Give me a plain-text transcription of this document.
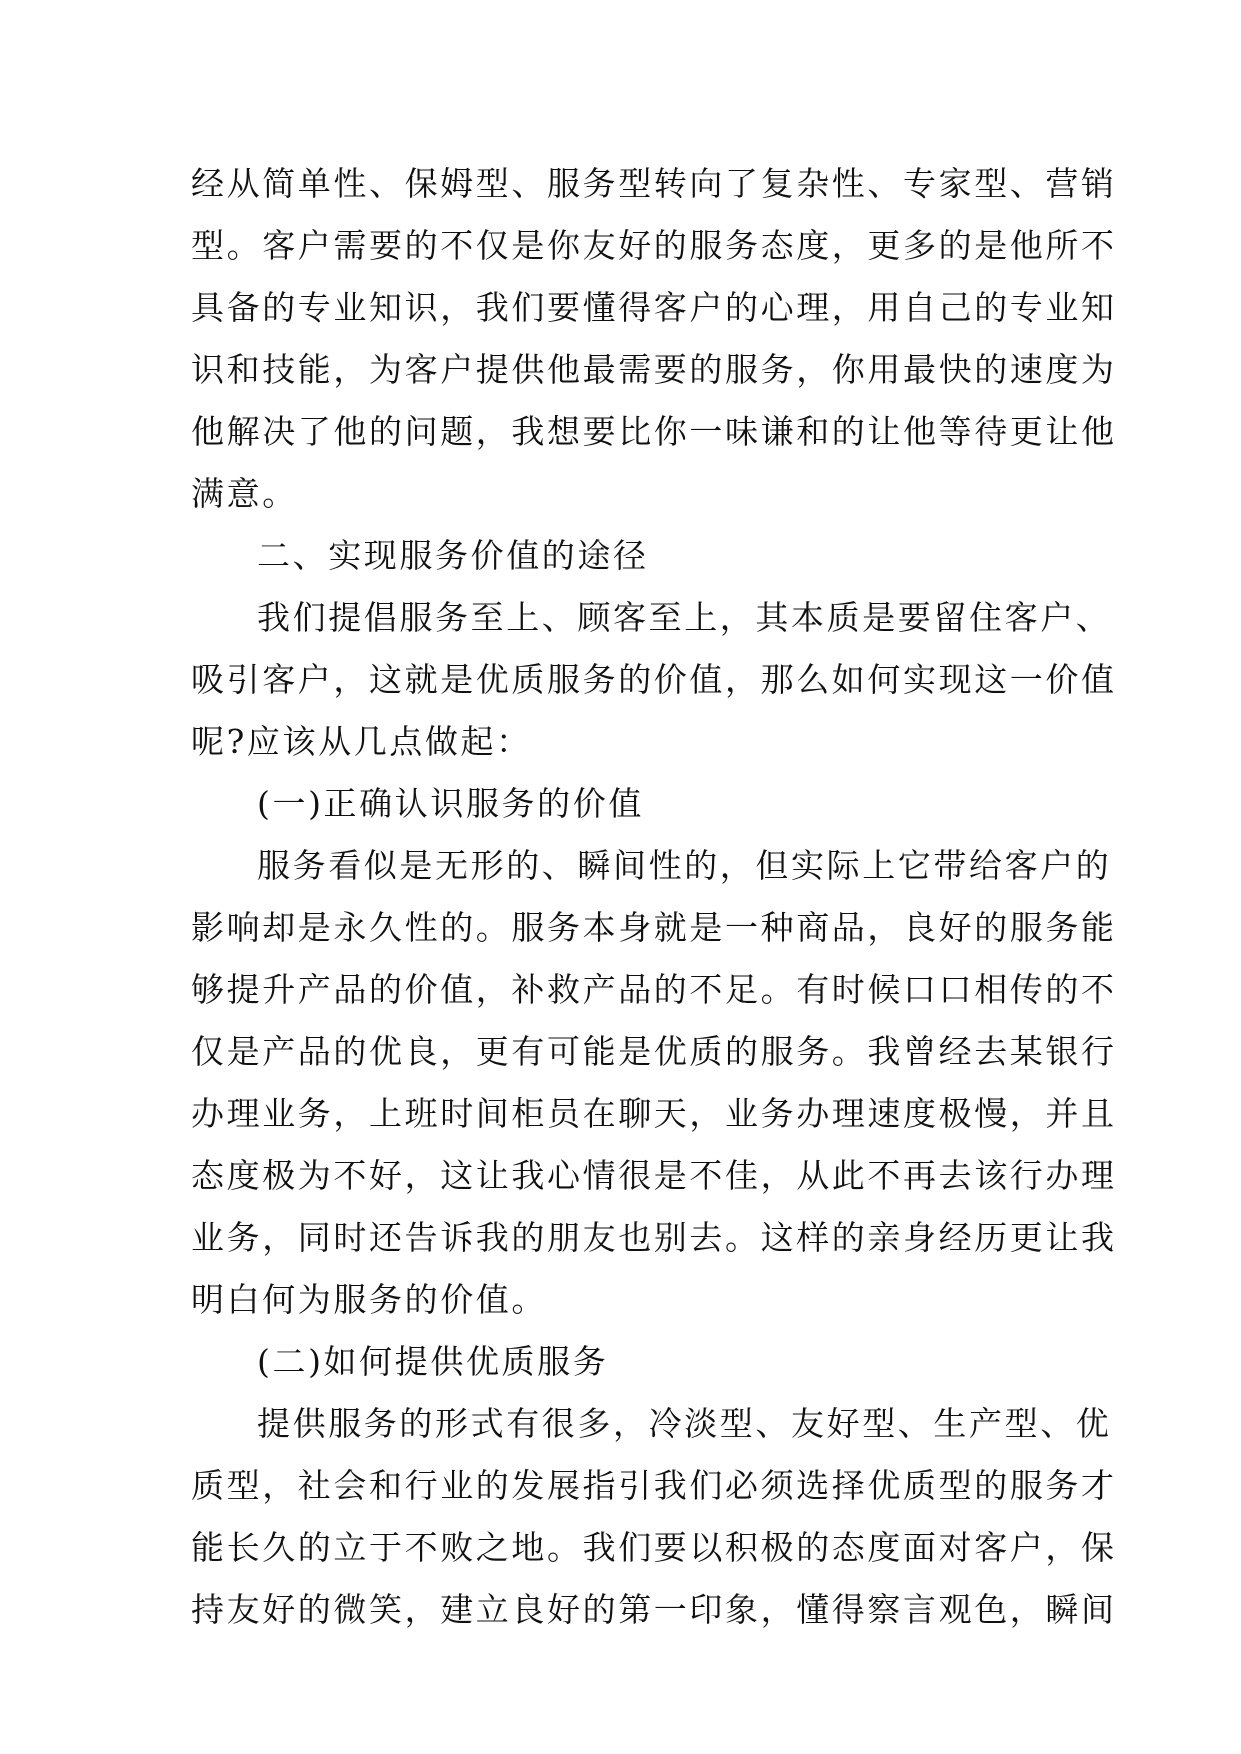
经从简单性、保姆型、服务型转向了复杂性、专家型、营销
型。客户需要的不仅是你友好的服务态度，更多的是他所不
具备的专业知识，我们要懂得客户的心理，用自己的专业知
识和技能，为客户提供他最需要的服务，你用最快的速度为
他解决了他的问题，我想要比你一味谦和的让他等待更让他
满意。
二、实现服务价值的途径
我们提倡服务至上、顾客至上，其本质是要留住客户、
吸引客户，这就是优质服务的价值，那么如何实现这一价值
呢?应该从几点做起：
(一)正确认识服务的价值
服务看似是无形的、瞬间性的，但实际上它带给客户的
影响却是永久性的。服务本身就是一种商品，良好的服务能
够提升产品的价值，补救产品的不足。有时候口口相传的不
仅是产品的优良，更有可能是优质的服务。我曾经去某银行
办理业务，上班时间柜员在聊天，业务办理速度极慢，并且
态度极为不好，这让我心情很是不佳，从此不再去该行办理
业务，同时还告诉我的朋友也别去。这样的亲身经历更让我
明白何为服务的价值。
(二)如何提供优质服务
提供服务的形式有很多，冷淡型、友好型、生产型、优
质型，社会和行业的发展指引我们必须选择优质型的服务才
能长久的立于不败之地。我们要以积极的态度面对客户，保
持友好的微笑，建立良好的第一印象，懂得察言观色，瞬间
